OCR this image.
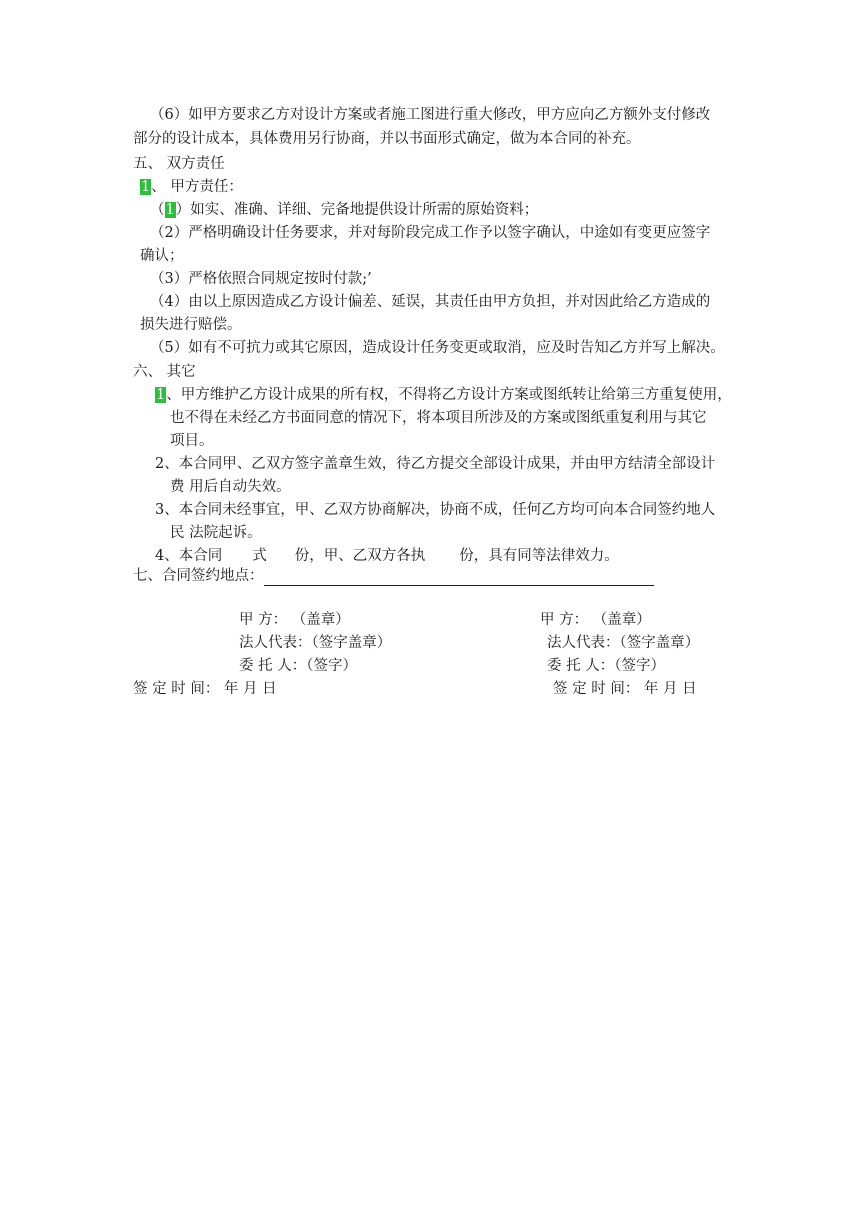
（6）如甲方要求乙方对设计方案或者施工图进行重大修改，甲方应向乙方额外支付修改
部分的设计成本，具体费用另行协商，并以书面形式确定，做为本合同的补充。
五、 双方责任
1、 甲方责任：
（1）如实、准确、详细、完备地提供设计所需的原始资料；
（2）严格明确设计任务要求，并对每阶段完成工作予以签字确认，中途如有变更应签字
确认；
（3）严格依照合同规定按时付款;’
（4）由以上原因造成乙方设计偏差、延误，其责任由甲方负担，并对因此给乙方造成的
损失进行赔偿。
（5）如有不可抗力或其它原因，造成设计任务变更或取消，应及时告知乙方并写上解决。
六、 其它
1、甲方维护乙方设计成果的所有权，不得将乙方设计方案或图纸转让给第三方重复使用，
也不得在未经乙方书面同意的情况下，将本项目所涉及的方案或图纸重复利用与其它
项目。
2、本合同甲、乙双方签字盖章生效，待乙方提交全部设计成果，并由甲方结清全部设计
费 用后自动失效。
3、本合同未经事宜，甲、乙双方协商解决，协商不成，任何乙方均可向本合同签约地人
民 法院起诉。
4、本合同 式 份，甲、乙双方各执 份，具有同等法律效力。
七、合同签约地点：
甲 方： （盖章）
法人代表：（签字盖章）
委 托 人：（签字）
签 定 时 间： 年 月 日
甲 方： （盖章）
法人代表：（签字盖章）
委 托 人：（签字）
签 定 时 间： 年 月 日
